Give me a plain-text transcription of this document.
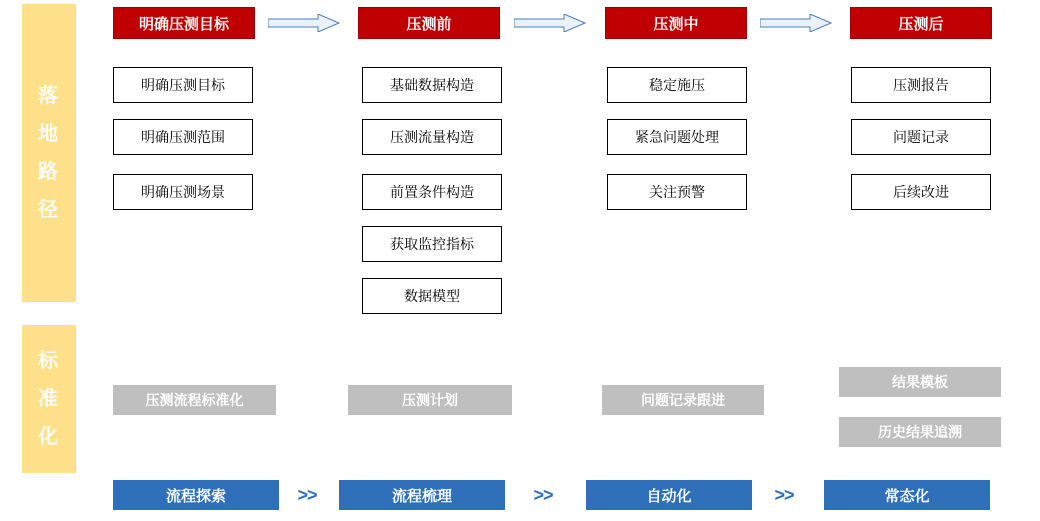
落
地
路
径
标
准
化
明确压测目标	压测前	压测中	压测后
明确压测目标
明确压测范围
明确压测场景
基础数据构造
压测流量构造
前置条件构造
获取监控指标
数据模型
稳定施压
紧急问题处理
关注预警
压测报告
问题记录
后续改进
压测流程标准化	压测计划	问题记录跟进
结果模板
历史结果追溯
流程探索	>>	流程梳理	>>	自动化	>>	常态化
